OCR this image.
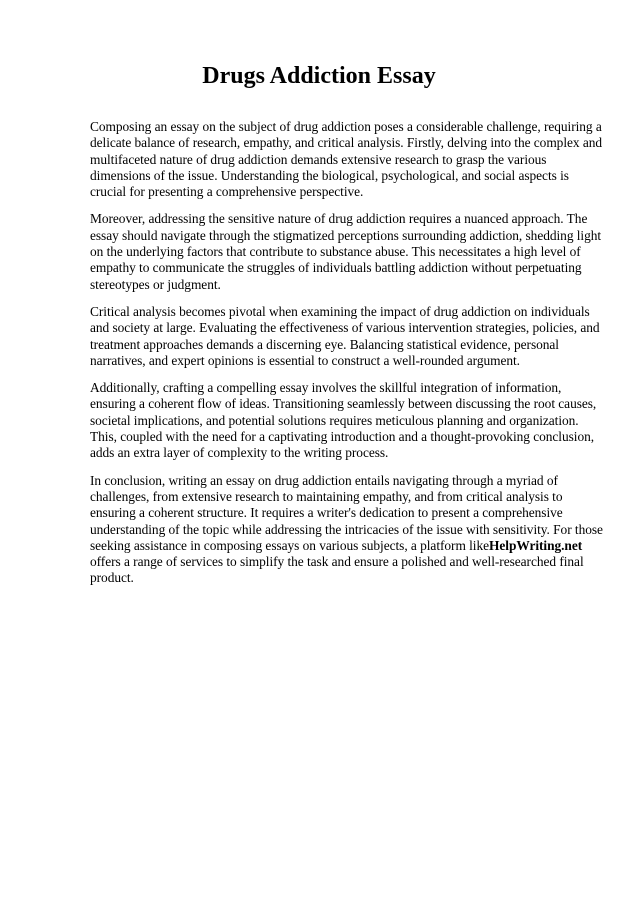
Drugs Addiction Essay

Composing an essay on the subject of drug addiction poses a considerable challenge, requiring a delicate balance of research, empathy, and critical analysis. Firstly, delving into the complex and multifaceted nature of drug addiction demands extensive research to grasp the various dimensions of the issue. Understanding the biological, psychological, and social aspects is crucial for presenting a comprehensive perspective.

Moreover, addressing the sensitive nature of drug addiction requires a nuanced approach. The essay should navigate through the stigmatized perceptions surrounding addiction, shedding light on the underlying factors that contribute to substance abuse. This necessitates a high level of empathy to communicate the struggles of individuals battling addiction without perpetuating stereotypes or judgment.

Critical analysis becomes pivotal when examining the impact of drug addiction on individuals and society at large. Evaluating the effectiveness of various intervention strategies, policies, and treatment approaches demands a discerning eye. Balancing statistical evidence, personal narratives, and expert opinions is essential to construct a well-rounded argument.

Additionally, crafting a compelling essay involves the skillful integration of information, ensuring a coherent flow of ideas. Transitioning seamlessly between discussing the root causes, societal implications, and potential solutions requires meticulous planning and organization. This, coupled with the need for a captivating introduction and a thought-provoking conclusion, adds an extra layer of complexity to the writing process.

In conclusion, writing an essay on drug addiction entails navigating through a myriad of challenges, from extensive research to maintaining empathy, and from critical analysis to ensuring a coherent structure. It requires a writer's dedication to present a comprehensive understanding of the topic while addressing the intricacies of the issue with sensitivity. For those seeking assistance in composing essays on various subjects, a platform likeHelpWriting.net offers a range of services to simplify the task and ensure a polished and well-researched final product.
